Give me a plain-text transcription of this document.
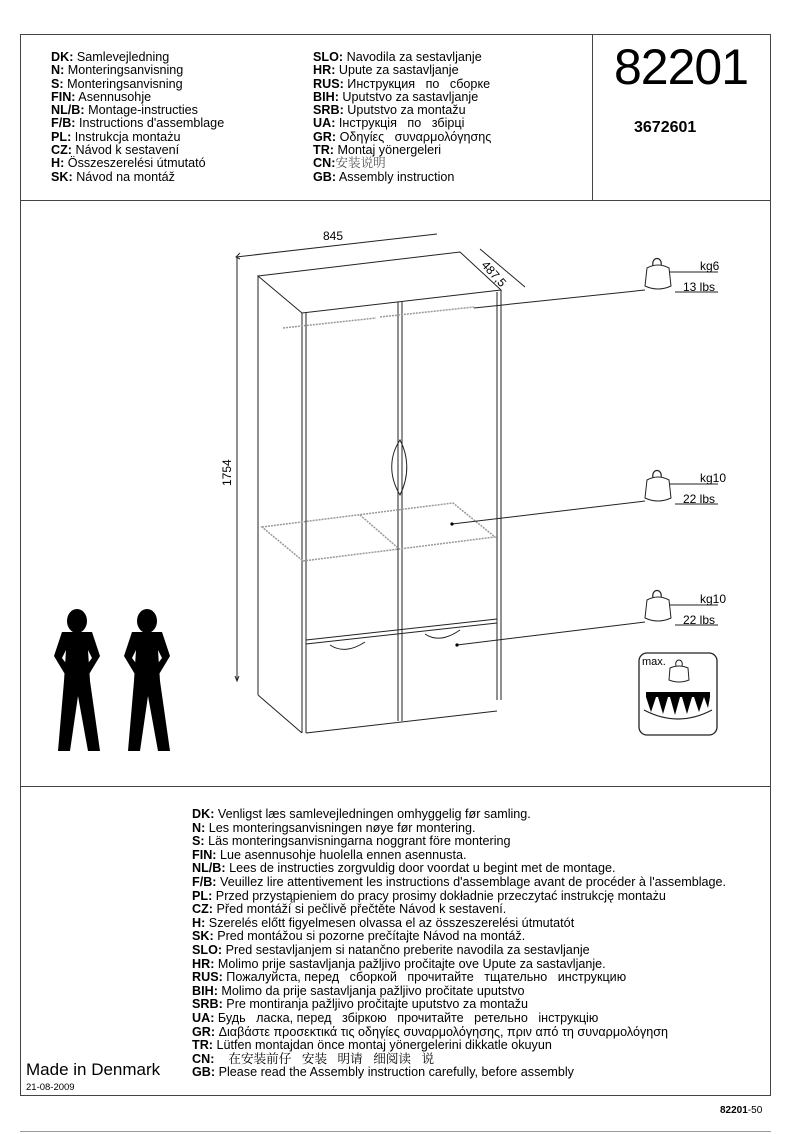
DK: Samlevejledning
N: Monteringsanvisning
S: Monteringsanvisning
FIN: Asennusohje
NL/B: Montage-instructies
F/B: Instructions d'assemblage
PL: Instrukcja montażu
CZ: Návod k sestavení
H: Összeszerelési útmutató
SK: Návod na montáž
SLO: Navodila za sestavljanje
HR: Upute za sastavljanje
RUS: Инструкция   по   сборке
BIH: Uputstvo za sastavljanje
SRB: Uputstvo za montažu
UA: Інструкція   по   збірці
GR: Οδηγίες   συναρμολόγησης
TR: Montaj yönergeleri
CN:安装说明
GB: Assembly instruction
82201
3672601
kg6
13 lbs
kg10
22 lbs
kg10
22 lbs
max.
845
487,5
1754
DK: Venligst læs samlevejledningen omhyggelig før samling.
N: Les monteringsanvisningen nøye før montering.
S: Läs monteringsanvisningarna noggrant före montering
FIN: Lue asennusohje huolella ennen asennusta.
NL/B: Lees de instructies zorgvuldig door voordat u begint met de montage.
F/B: Veuillez lire attentivement les instructions d'assemblage avant de procéder à l'assemblage.
PL: Przed przystąpieniem do pracy prosimy dokładnie przeczytać instrukcję montażu
CZ: Před montáží si pečlivě přečtěte Návod k sestavení.
H: Szerelés előtt figyelmesen olvassa el az összeszerelési útmutatót
SK: Pred montážou si pozorne prečítajte Návod na montáž.
SLO: Pred sestavljanjem si natančno preberite navodila za sestavljanje
HR: Molimo prije sastavljanja pažljivo pročitajte ove Upute za sastavljanje.
RUS: Пожалуйста, перед   сборкой   прочитайте   тщательно   инструкцию
BIH: Molimo da prije sastavljanja pažljivo pročitate uputstvo
SRB: Pre montiranja pažljivo pročitajte uputstvo za montažu
UA: Будь   ласка, перед   збіркою   прочитайте   ретельно   інструкцію
GR: Διαβάστε προσεκτικά τις οδηγίες συναρμολόγησης, πριν από τη συναρμολόγηση
TR: Lütfen montajdan önce montaj yönergelerini dikkatle okuyun
CN:    在安装前仔   安装   明请   细阅读   说
GB: Please read the Assembly instruction carefully, before assembly
Made in Denmark
21-08-2009
82201-50
